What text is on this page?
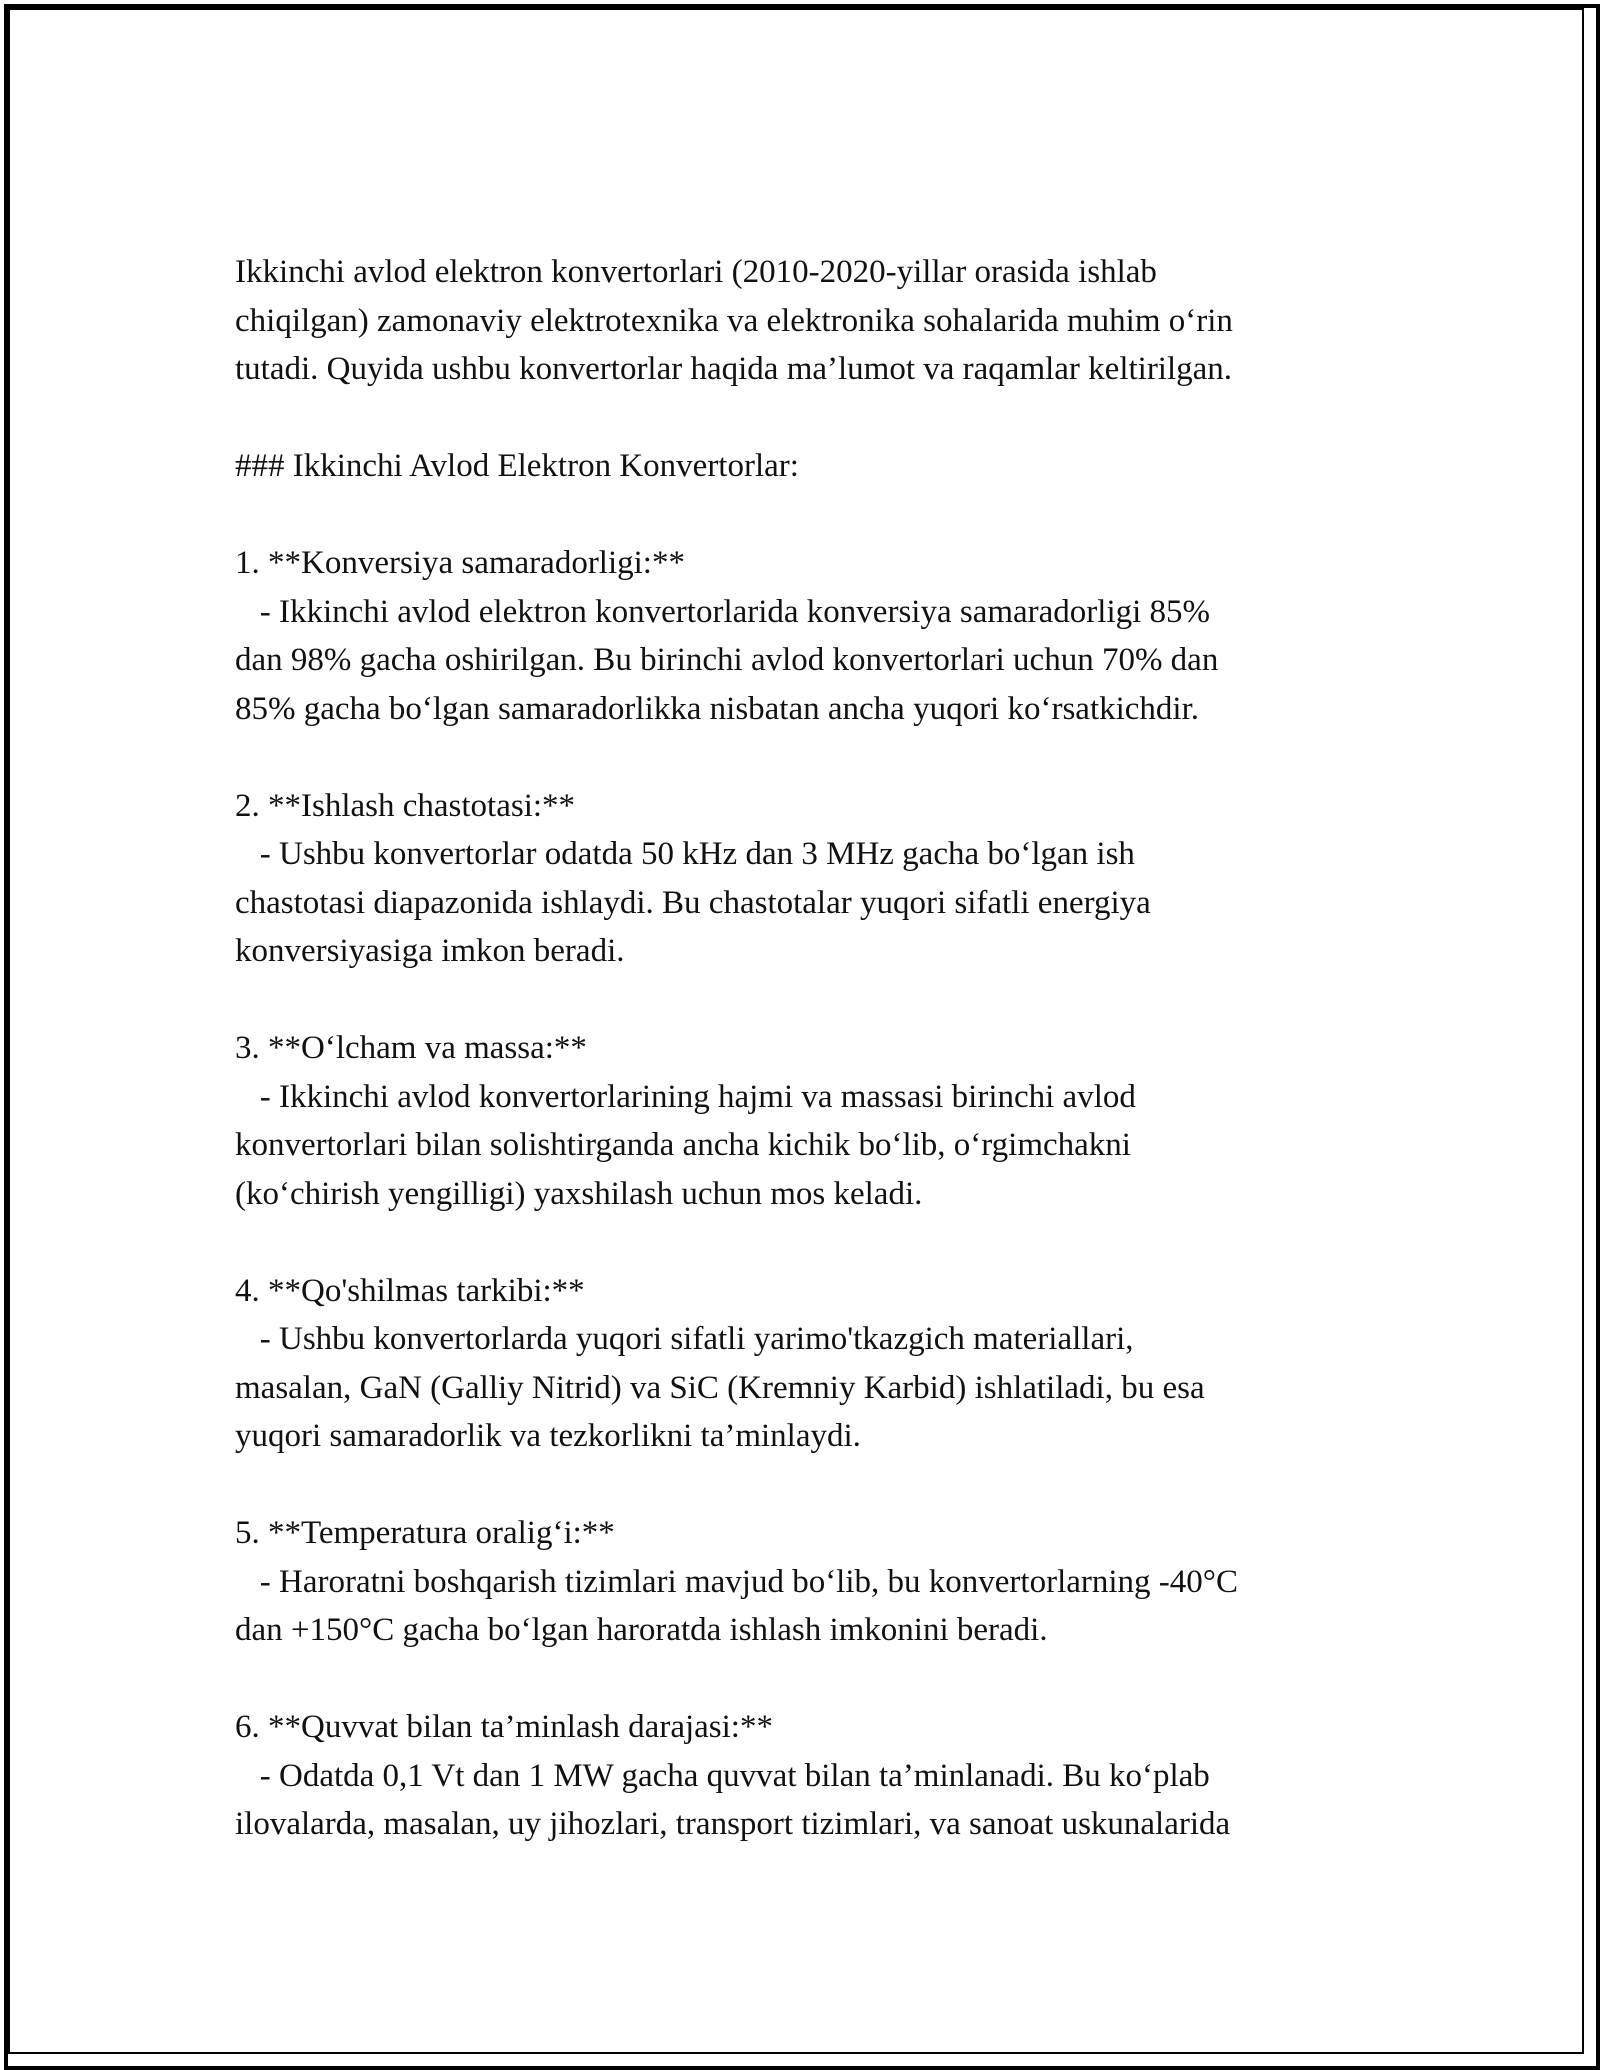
Ikkinchi avlod elektron konvertorlari (2010-2020-yillar orasida ishlab
chiqilgan) zamonaviy elektrotexnika va elektronika sohalarida muhim o‘rin
tutadi. Quyida ushbu konvertorlar haqida ma’lumot va raqamlar keltirilgan.
### Ikkinchi Avlod Elektron Konvertorlar:
1. **Konversiya samaradorligi:**
- Ikkinchi avlod elektron konvertorlarida konversiya samaradorligi 85%
dan 98% gacha oshirilgan. Bu birinchi avlod konvertorlari uchun 70% dan
85% gacha bo‘lgan samaradorlikka nisbatan ancha yuqori ko‘rsatkichdir.
2. **Ishlash chastotasi:**
- Ushbu konvertorlar odatda 50 kHz dan 3 MHz gacha bo‘lgan ish
chastotasi diapazonida ishlaydi. Bu chastotalar yuqori sifatli energiya
konversiyasiga imkon beradi.
3. **O‘lcham va massa:**
- Ikkinchi avlod konvertorlarining hajmi va massasi birinchi avlod
konvertorlari bilan solishtirganda ancha kichik bo‘lib, o‘rgimchakni
(ko‘chirish yengilligi) yaxshilash uchun mos keladi.
4. **Qo'shilmas tarkibi:**
- Ushbu konvertorlarda yuqori sifatli yarimo'tkazgich materiallari,
masalan, GaN (Galliy Nitrid) va SiC (Kremniy Karbid) ishlatiladi, bu esa
yuqori samaradorlik va tezkorlikni ta’minlaydi.
5. **Temperatura oralig‘i:**
- Haroratni boshqarish tizimlari mavjud bo‘lib, bu konvertorlarning -40°C
dan +150°C gacha bo‘lgan haroratda ishlash imkonini beradi.
6. **Quvvat bilan ta’minlash darajasi:**
- Odatda 0,1 Vt dan 1 MW gacha quvvat bilan ta’minlanadi. Bu ko‘plab
ilovalarda, masalan, uy jihozlari, transport tizimlari, va sanoat uskunalarida
